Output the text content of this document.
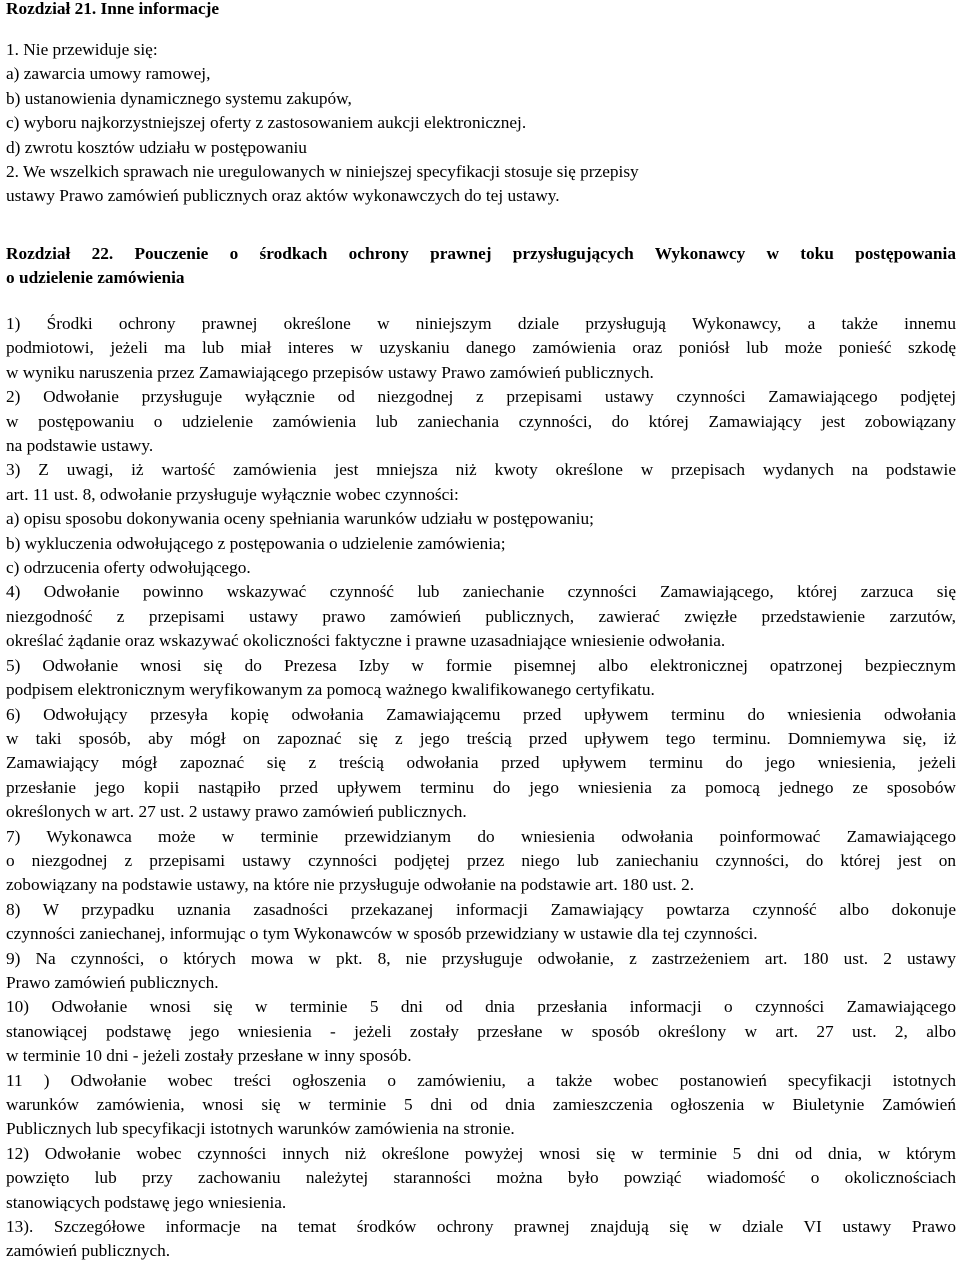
Rozdział 21. Inne informacje
1. Nie przewiduje się:
a) zawarcia umowy ramowej,
b) ustanowienia dynamicznego systemu zakupów,
c) wyboru najkorzystniejszej oferty z zastosowaniem aukcji elektronicznej.
d) zwrotu kosztów udziału w postępowaniu
2. We wszelkich sprawach nie uregulowanych w niniejszej specyfikacji stosuje się przepisy
ustawy Prawo zamówień publicznych oraz aktów wykonawczych do tej ustawy.
Rozdział 22. Pouczenie o środkach ochrony prawnej przysługujących Wykonawcy w toku postępowania
o udzielenie zamówienia
1) Środki ochrony prawnej określone w niniejszym dziale przysługują Wykonawcy, a także innemu
podmiotowi, jeżeli ma lub miał interes w uzyskaniu danego zamówienia oraz poniósł lub może ponieść szkodę
w wyniku naruszenia przez Zamawiającego przepisów ustawy Prawo zamówień publicznych.
2) Odwołanie przysługuje wyłącznie od niezgodnej z przepisami ustawy czynności Zamawiającego podjętej
w postępowaniu o udzielenie zamówienia lub zaniechania czynności, do której Zamawiający jest zobowiązany
na podstawie ustawy.
3) Z uwagi, iż wartość zamówienia jest mniejsza niż kwoty określone w przepisach wydanych na podstawie
art. 11 ust. 8, odwołanie przysługuje wyłącznie wobec czynności:
a) opisu sposobu dokonywania oceny spełniania warunków udziału w postępowaniu;
b) wykluczenia odwołującego z postępowania o udzielenie zamówienia;
c) odrzucenia oferty odwołującego.
4) Odwołanie powinno wskazywać czynność lub zaniechanie czynności Zamawiającego, której zarzuca się
niezgodność z przepisami ustawy prawo zamówień publicznych, zawierać zwięzłe przedstawienie zarzutów,
określać żądanie oraz wskazywać okoliczności faktyczne i prawne uzasadniające wniesienie odwołania.
5) Odwołanie wnosi się do Prezesa Izby w formie pisemnej albo elektronicznej opatrzonej bezpiecznym
podpisem elektronicznym weryfikowanym za pomocą ważnego kwalifikowanego certyfikatu.
6) Odwołujący przesyła kopię odwołania Zamawiającemu przed upływem terminu do wniesienia odwołania
w taki sposób, aby mógł on zapoznać się z jego treścią przed upływem tego terminu. Domniemywa się, iż
Zamawiający mógł zapoznać się z treścią odwołania przed upływem terminu do jego wniesienia, jeżeli
przesłanie jego kopii nastąpiło przed upływem terminu do jego wniesienia za pomocą jednego ze sposobów
określonych w art. 27 ust. 2 ustawy prawo zamówień publicznych.
7) Wykonawca może w terminie przewidzianym do wniesienia odwołania poinformować Zamawiającego
o niezgodnej z przepisami ustawy czynności podjętej przez niego lub zaniechaniu czynności, do której jest on
zobowiązany na podstawie ustawy, na które nie przysługuje odwołanie na podstawie art. 180 ust. 2.
8) W przypadku uznania zasadności przekazanej informacji Zamawiający powtarza czynność albo dokonuje
czynności zaniechanej, informując o tym Wykonawców w sposób przewidziany w ustawie dla tej czynności.
9) Na czynności, o których mowa w pkt. 8, nie przysługuje odwołanie, z zastrzeżeniem art. 180 ust. 2 ustawy
Prawo zamówień publicznych.
10) Odwołanie wnosi się w terminie 5 dni od dnia przesłania informacji o czynności Zamawiającego
stanowiącej podstawę jego wniesienia - jeżeli zostały przesłane w sposób określony w art. 27 ust. 2, albo
w terminie 10 dni - jeżeli zostały przesłane w inny sposób.
11 ) Odwołanie wobec treści ogłoszenia o zamówieniu, a także wobec postanowień specyfikacji istotnych
warunków zamówienia, wnosi się w terminie 5 dni od dnia zamieszczenia ogłoszenia w Biuletynie Zamówień
Publicznych lub specyfikacji istotnych warunków zamówienia na stronie.
12) Odwołanie wobec czynności innych niż określone powyżej wnosi się w terminie 5 dni od dnia, w którym
powzięto lub przy zachowaniu należytej staranności można było powziąć wiadomość o okolicznościach
stanowiących podstawę jego wniesienia.
13). Szczegółowe informacje na temat środków ochrony prawnej znajdują się w dziale VI ustawy Prawo
zamówień publicznych.
